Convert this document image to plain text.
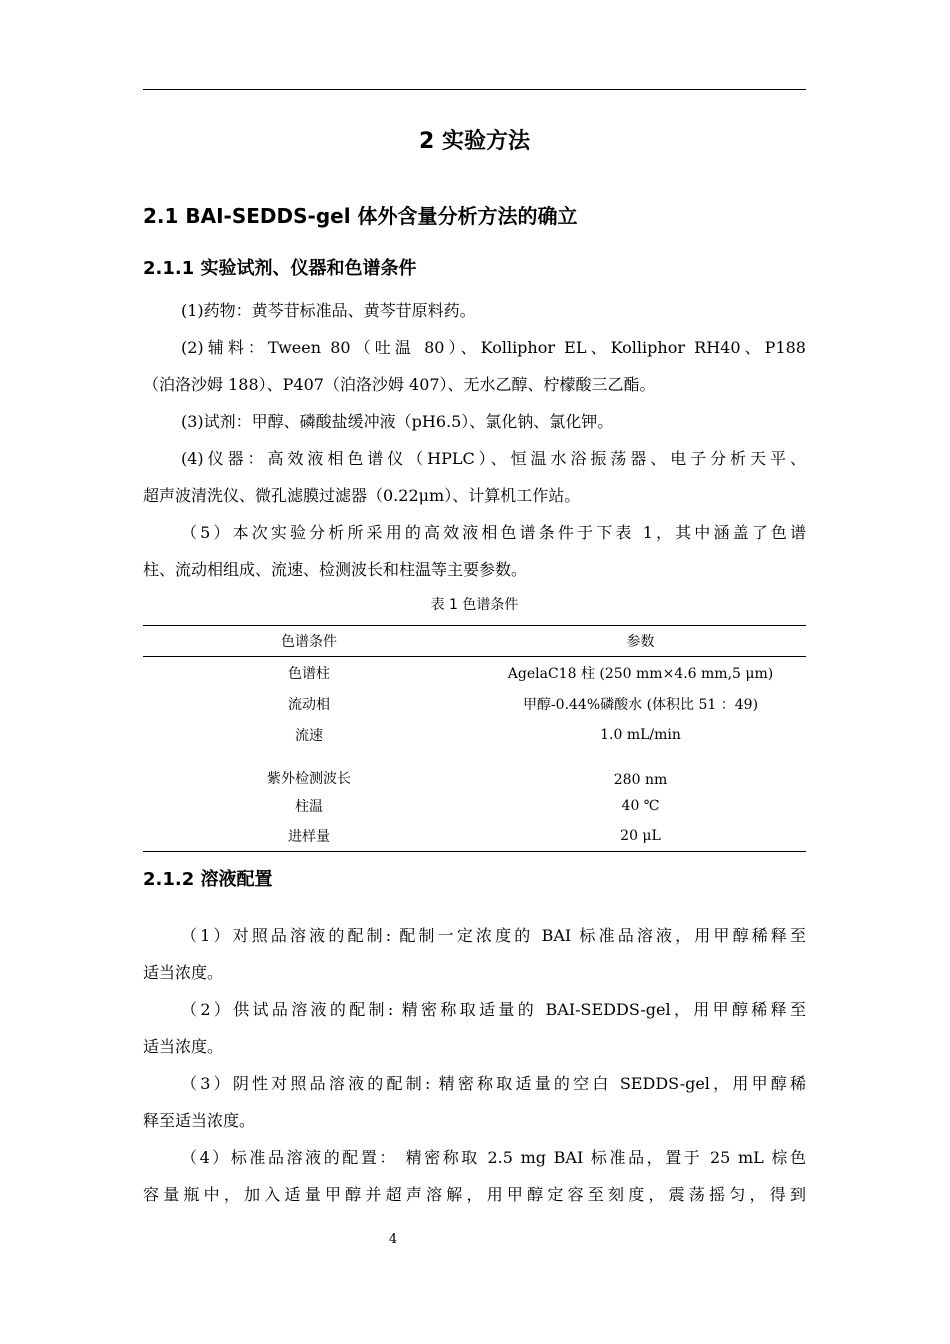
2 实验方法
2.1 BAI-SEDDS-gel 体外含量分析方法的确立
2.1.1 实验试剂、仪器和色谱条件
(1)药物：黄芩苷标准品、黄芩苷原料药。
(2)辅料：Tween 80（吐温 80）、Kolliphor EL、Kolliphor RH40、P188
（泊洛沙姆 188）、P407（泊洛沙姆 407）、无水乙醇、柠檬酸三乙酯。
(3)试剂：甲醇、磷酸盐缓冲液（pH6.5）、氯化钠、氯化钾。
(4)仪器：高效液相色谱仪（HPLC）、恒温水浴振荡器、电子分析天平、
超声波清洗仪、微孔滤膜过滤器（0.22μm）、计算机工作站。
（5）本次实验分析所采用的高效液相色谱条件于下表 1，其中涵盖了色谱
柱、流动相组成、流速、检测波长和柱温等主要参数。
表 1 色谱条件
色谱条件	参数
色谱柱	AgelaC18 柱 (250 mm×4.6 mm,5 μm)
流动相	甲醇-0.44%磷酸水 (体积比 51 ：49)
流速	1.0 mL/min
紫外检测波长	280 nm
柱温	40 ℃
进样量	20 μL
2.1.2 溶液配置
（1）对照品溶液的配制: 配制一定浓度的 BAI 标准品溶液，用甲醇稀释至
适当浓度。
（2）供试品溶液的配制: 精密称取适量的 BAI-SEDDS-gel，用甲醇稀释至
适当浓度。
（3）阴性对照品溶液的配制: 精密称取适量的空白 SEDDS-gel，用甲醇稀
释至适当浓度。
（4）标准品溶液的配置： 精密称取 2.5 mg BAI 标准品，置于 25 mL 棕色
容量瓶中，加入适量甲醇并超声溶解，用甲醇定容至刻度，震荡摇匀，得到
4
